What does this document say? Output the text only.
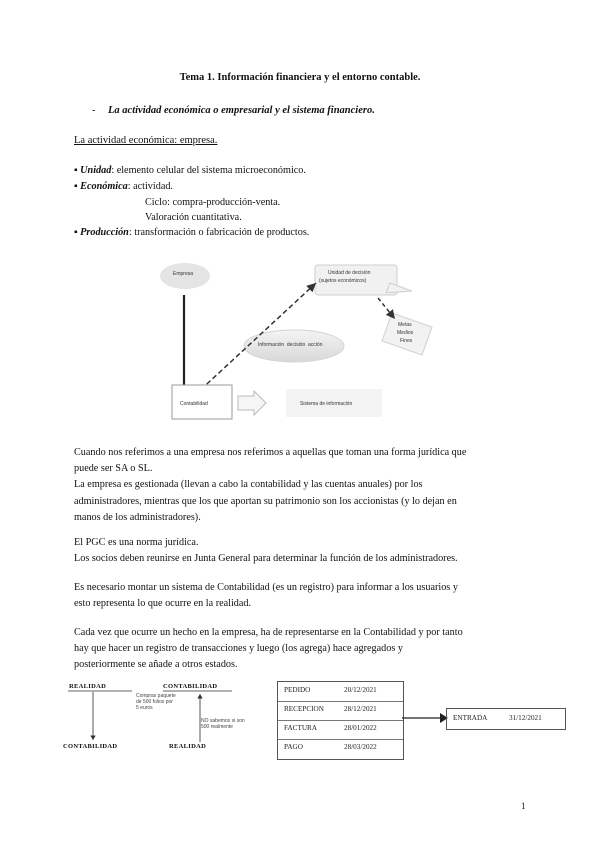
Tema 1. Información financiera y el entorno contable.
- La actividad económica o empresarial y el sistema financiero.
La actividad económica: empresa.
▪ Unidad: elemento celular del sistema microeconómico.
▪ Económica: actividad.
Ciclo: compra-producción-venta.
Valoración cuantitativa.
▪ Producción: transformación o fabricación de productos.
Empresa	Unidad de decisión
(sujetos económicos)
Metas
Medios
Fines
Información  decisión  acción
Contabilidad	Sistema de información
Cuando nos referimos a una empresa nos referimos a aquellas que toman una forma jurídica que
puede ser SA o SL.
La empresa es gestionada (llevan a cabo la contabilidad y las cuentas anuales) por los
administradores, mientras que los que aportan su patrimonio son los accionistas (y lo dejan en
manos de los administradores).
El PGC es una norma jurídica.
Los socios deben reunirse en Junta General para determinar la función de los administradores.
Es necesario montar un sistema de Contabilidad (es un registro) para informar a los usuarios y
esto representa lo que ocurre en la realidad.
Cada vez que ocurre un hecho en la empresa, ha de representarse en la Contabilidad y por tanto
hay que hacer un registro de transacciones y luego (los agrega) hace agregados y
posteriormente se añade a otros estados.
REALIDAD
CONTABILIDAD
Compras paquete
de 500 folios por
5 euros
CONTABILIDAD
REALIDAD
NO sabemos si son
500 realmente
PEDIDO	20/12/2021
RECEPCION	28/12/2021
FACTURA	28/01/2022
PAGO	28/03/2022
ENTRADA	31/12/2021
1
